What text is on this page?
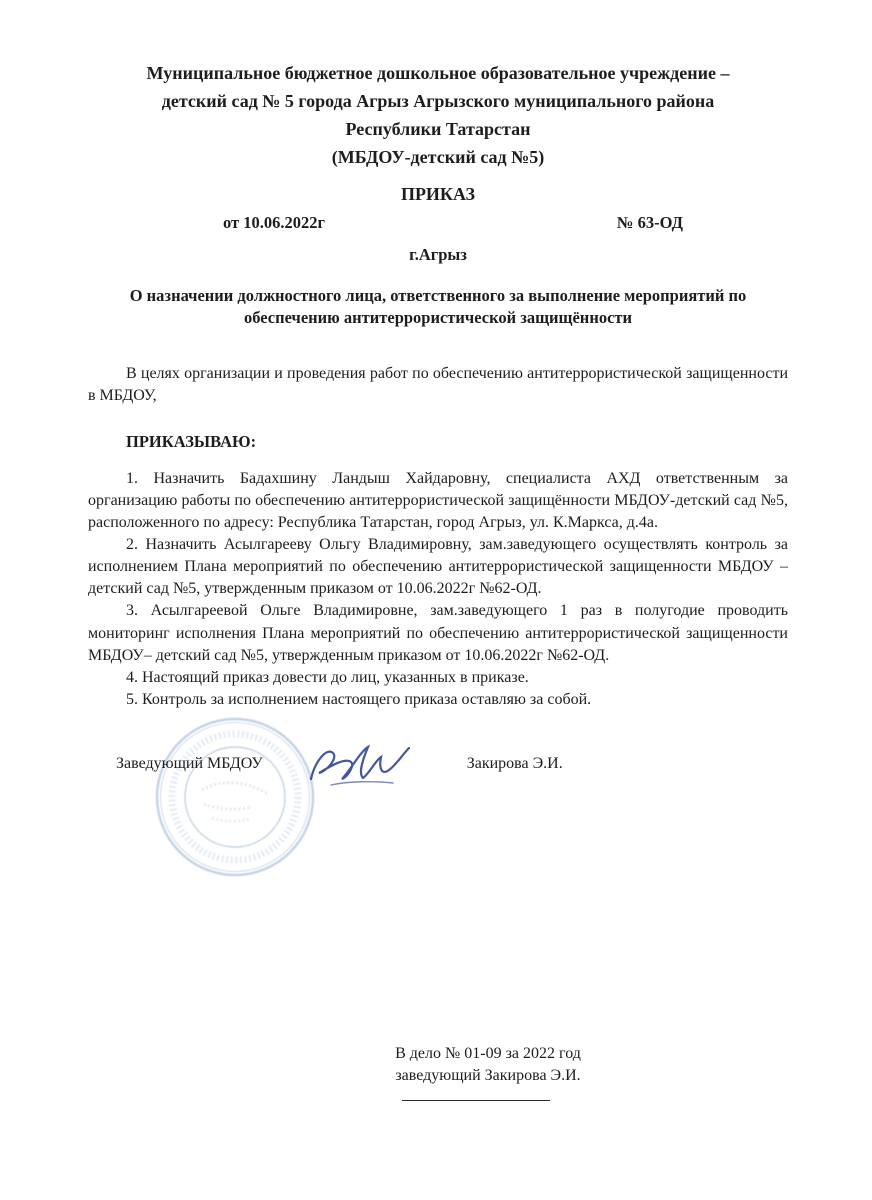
Муниципальное бюджетное дошкольное образовательное учреждение –
детский сад № 5 города Агрыз Агрызского муниципального района
Республики Татарстан
(МБДОУ-детский сад №5)
ПРИКАЗ
от 10.06.2022г	№ 63-ОД
г.Агрыз
О назначении должностного лица, ответственного за выполнение мероприятий по обеспечению антитеррористической защищённости

В целях организации и проведения работ по обеспечению антитеррористической защищенности в МБДОУ,

ПРИКАЗЫВАЮ:

1. Назначить Бадахшину Ландыш Хайдаровну, специалиста АХД ответственным за организацию работы по обеспечению антитеррористической защищённости МБДОУ-детский сад №5, расположенного по адресу: Республика Татарстан, город Агрыз, ул. К.Маркса, д.4а.

2. Назначить Асылгарееву Ольгу Владимировну, зам.заведующего осуществлять контроль за исполнением Плана мероприятий по обеспечению антитеррористической защищенности МБДОУ – детский сад №5, утвержденным приказом от 10.06.2022г №62-ОД.

3. Асылгареевой Ольге Владимировне, зам.заведующего 1 раз в полугодие проводить мониторинг исполнения Плана мероприятий по обеспечению антитеррористической защищенности МБДОУ– детский сад №5, утвержденным приказом от 10.06.2022г №62-ОД.

4. Настоящий приказ довести до лиц, указанных в приказе.

5. Контроль за исполнением настоящего приказа оставляю за собой.

Заведующий МБДОУ	Закирова Э.И.
В дело № 01-09 за 2022 год
заведующий Закирова Э.И.
